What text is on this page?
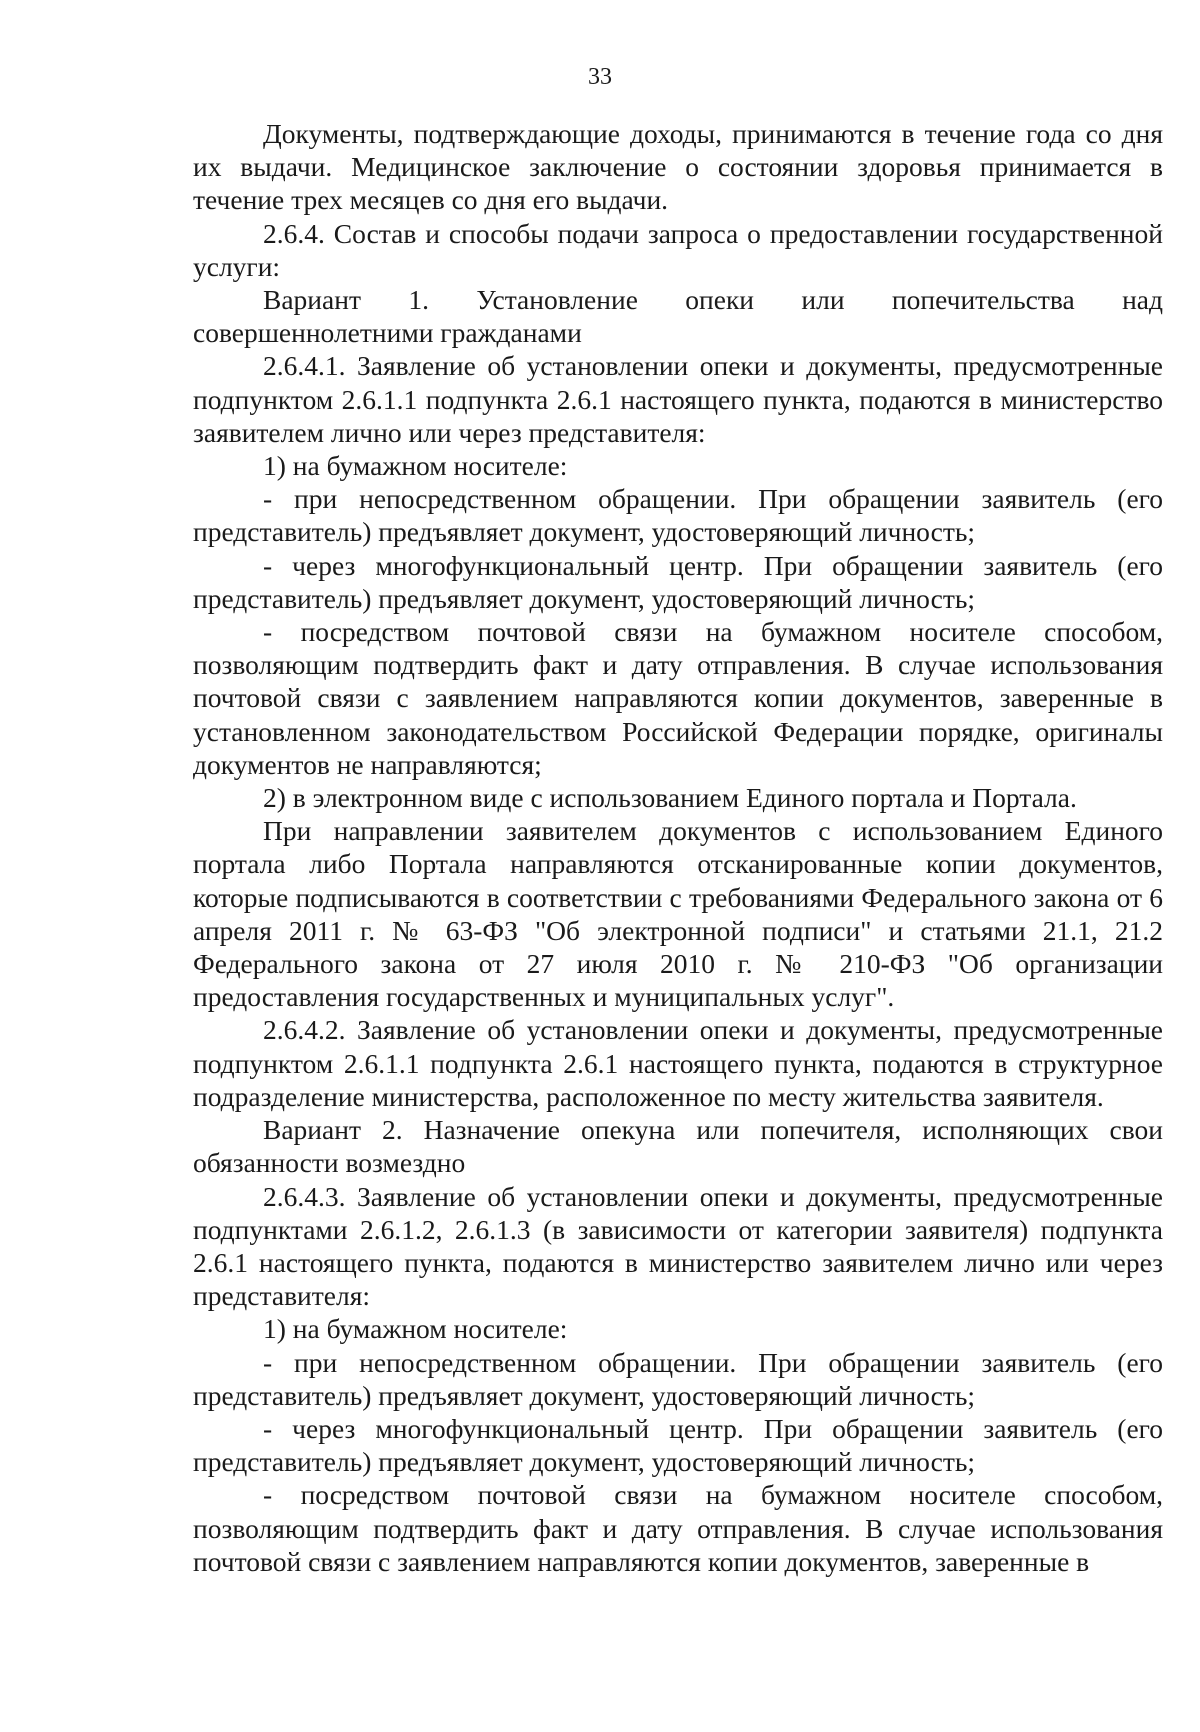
33

Документы, подтверждающие доходы, принимаются в течение года со дня их выдачи. Медицинское заключение о состоянии здоровья принимается в течение трех месяцев со дня его выдачи.

2.6.4. Состав и способы подачи запроса о предоставлении государственной услуги:

Вариант 1. Установление опеки или попечительства над совершеннолетними гражданами

2.6.4.1. Заявление об установлении опеки и документы, предусмотренные подпунктом 2.6.1.1 подпункта 2.6.1 настоящего пункта, подаются в министерство заявителем лично или через представителя:

1) на бумажном носителе:

- при непосредственном обращении. При обращении заявитель (его представитель) предъявляет документ, удостоверяющий личность;

- через многофункциональный центр. При обращении заявитель (его представитель) предъявляет документ, удостоверяющий личность;

- посредством почтовой связи на бумажном носителе способом, позволяющим подтвердить факт и дату отправления. В случае использования почтовой связи с заявлением направляются копии документов, заверенные в установленном законодательством Российской Федерации порядке, оригиналы документов не направляются;

2) в электронном виде с использованием Единого портала и Портала.

При направлении заявителем документов с использованием Единого портала либо Портала направляются отсканированные копии документов, которые подписываются в соответствии с требованиями Федерального закона от 6 апреля 2011 г. № 63-ФЗ "Об электронной подписи" и статьями 21.1, 21.2 Федерального закона от 27 июля 2010 г. № 210-ФЗ "Об организации предоставления государственных и муниципальных услуг".

2.6.4.2. Заявление об установлении опеки и документы, предусмотренные подпунктом 2.6.1.1 подпункта 2.6.1 настоящего пункта, подаются в структурное подразделение министерства, расположенное по месту жительства заявителя.

Вариант 2. Назначение опекуна или попечителя, исполняющих свои обязанности возмездно

2.6.4.3. Заявление об установлении опеки и документы, предусмотренные подпунктами 2.6.1.2, 2.6.1.3 (в зависимости от категории заявителя) подпункта 2.6.1 настоящего пункта, подаются в министерство заявителем лично или через представителя:

1) на бумажном носителе:

- при непосредственном обращении. При обращении заявитель (его представитель) предъявляет документ, удостоверяющий личность;

- через многофункциональный центр. При обращении заявитель (его представитель) предъявляет документ, удостоверяющий личность;

- посредством почтовой связи на бумажном носителе способом, позволяющим подтвердить факт и дату отправления. В случае использования почтовой связи с заявлением направляются копии документов, заверенные в
